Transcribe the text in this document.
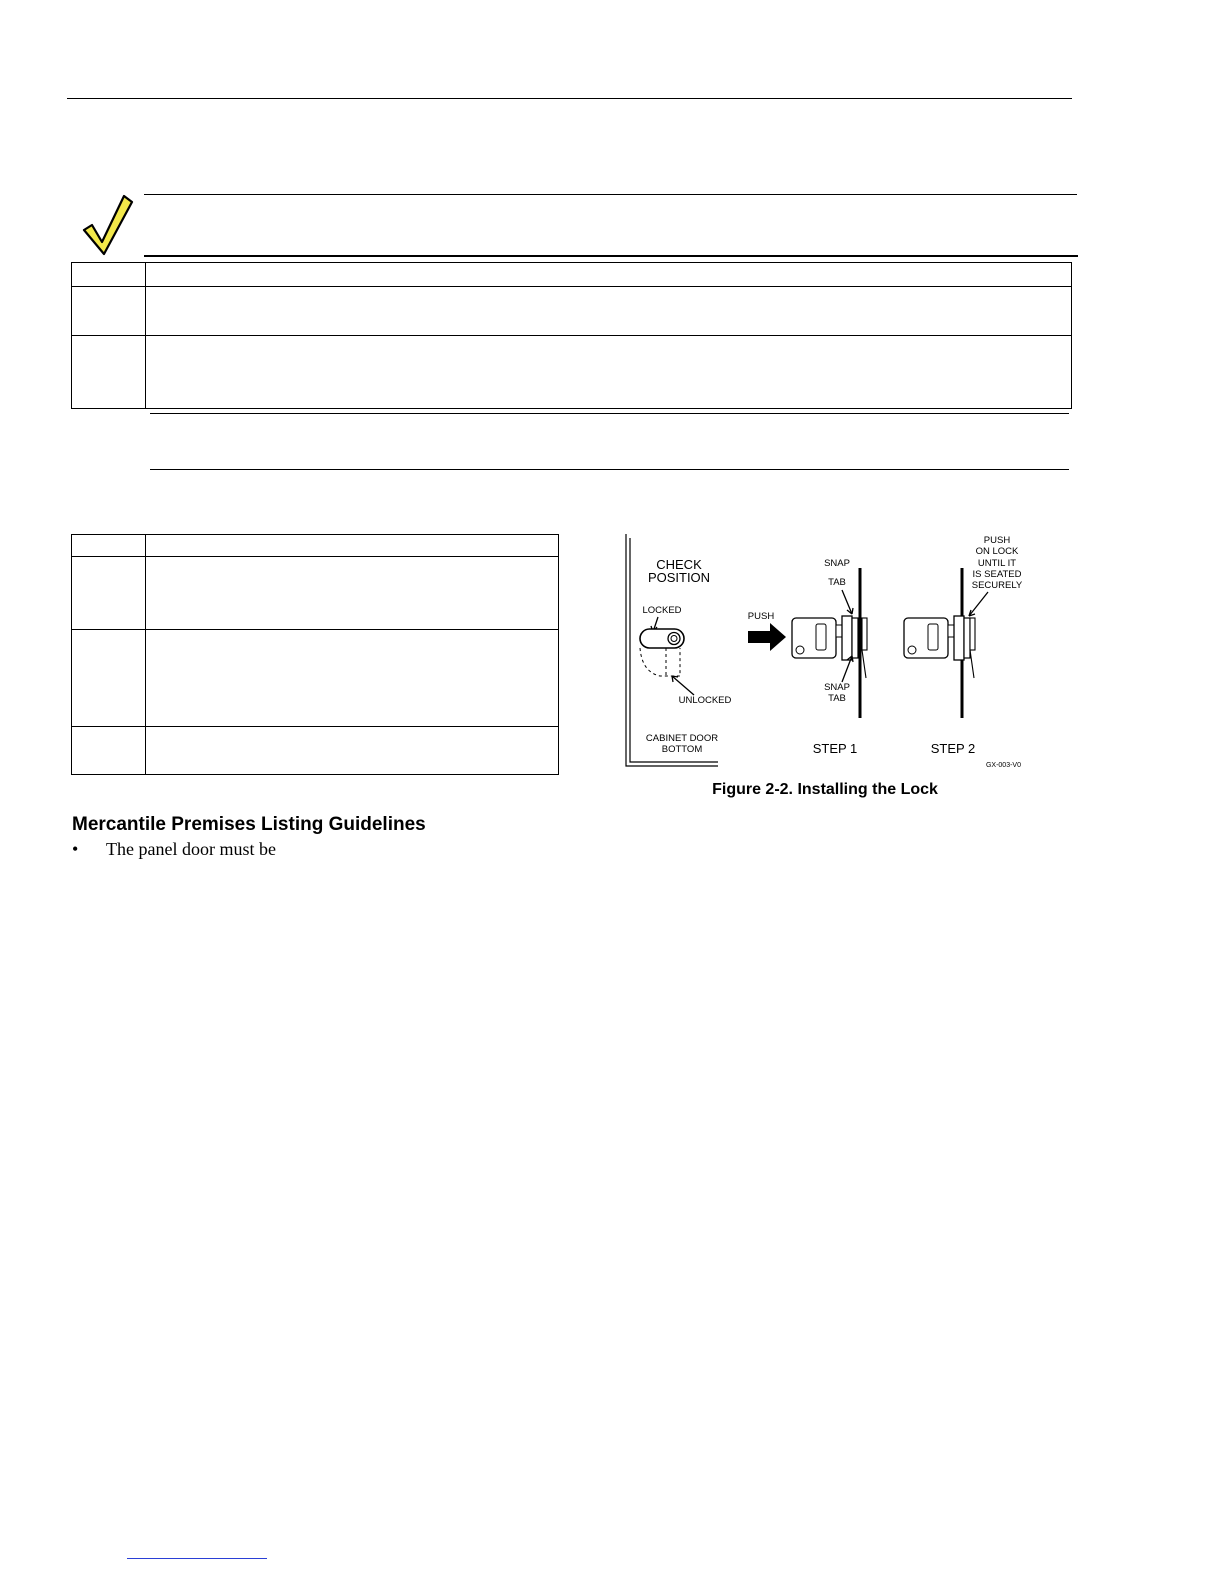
CHECK
POSITION
LOCKED
UNLOCKED
CABINET DOOR
BOTTOM
PUSH
SNAP
TAB
SNAP
TAB
STEP 1
PUSH
ON LOCK
UNTIL IT
IS SEATED
SECURELY
STEP 2
GX-003-V0
Figure 2-2. Installing the Lock
Mercantile Premises Listing Guidelines
• The panel door must be
